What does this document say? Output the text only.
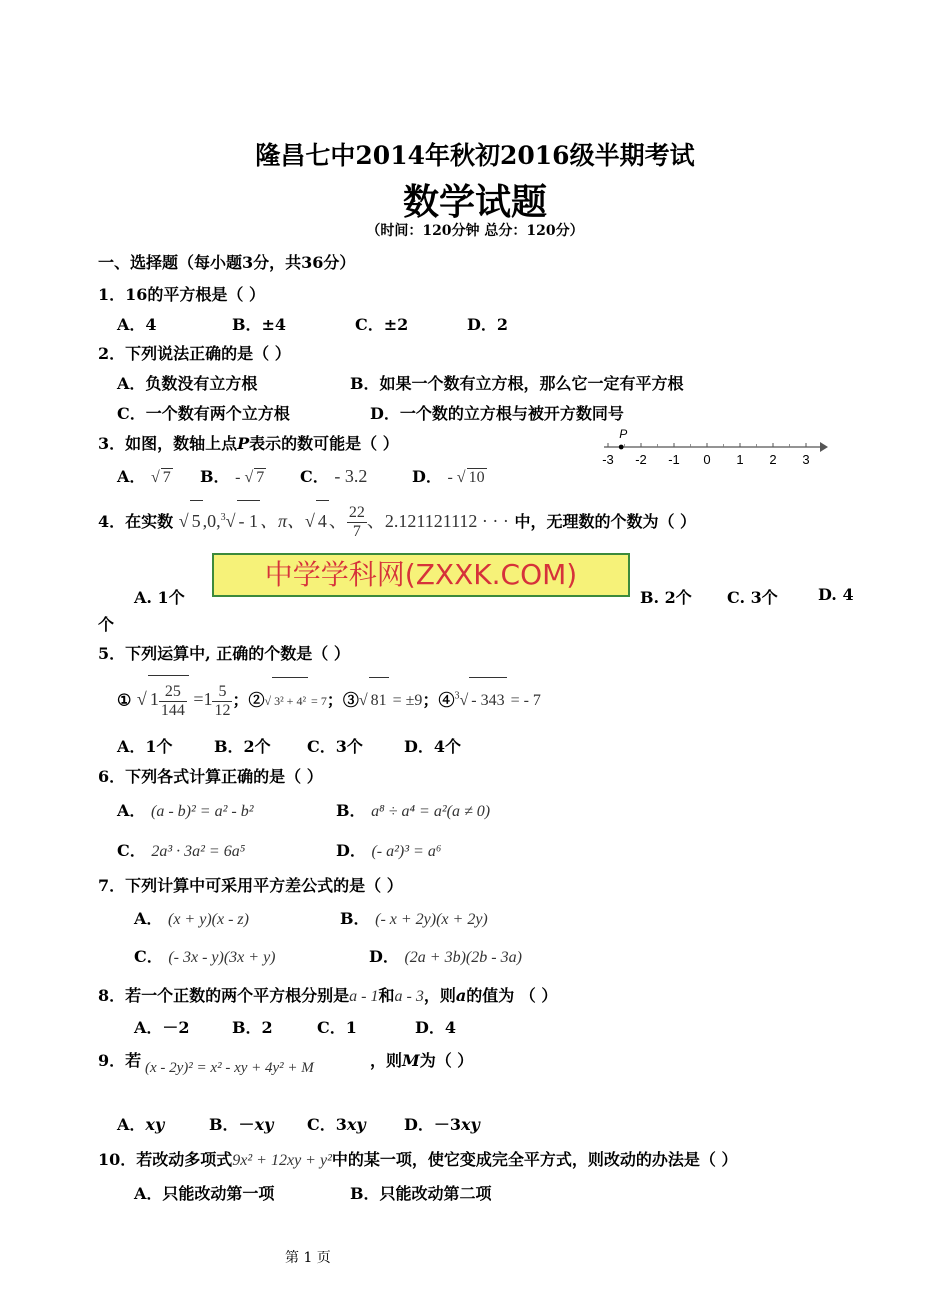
隆昌七中2014年秋初2016级半期考试
数学试题
（时间：120分钟 总分：120分）
一、选择题（每小题3分，共36分）
1．16的平方根是（ ）
A．4	B．±4	C．±2	D．2
2．下列说法正确的是（ ）
A．负数没有立方根	B．如果一个数有立方根，那么它一定有平方根
C．一个数有两个立方根	D．一个数的立方根与被开方数同号
3．如图，数轴上点P表示的数可能是（ ）
A． √ 7 B． - √ 7 C． - 3.2	D． - √ 10
-3 -2 -1 0 1 2 3
P
4．在实数 √ 5 ,0,$^3$√ - 1 、π、√ 4 、 $\frac{22}{7}$ 、2.121121112 · · · 中，无理数的个数为（ ）
A. 1个
中学学科网(ZXXK.COM)
B. 2个 C. 3个	D. 4
个
5．下列运算中, 正确的个数是（ ）
① √ $1 \frac{25}{144} =1 \frac{5}{12}$ ；②√ 3² + 4² = 7；③√ 81 = ±9；④$^3$√ - 343 = - 7
A．1个	B．2个 C．3个	D．4个
6．下列各式计算正确的是（ ）
A． (a - b)² = a² - b²	B． a⁸ ÷ a⁴ = a²(a ≠ 0)
C． 2a³ · 3a² = 6a⁵	D． (- a²)³ = a⁶
7．下列计算中可采用平方差公式的是（ ）
A． (x + y)(x - z)	B． (- x + 2y)(x + 2y)
C． (- 3x - y)(3x + y)	D． (2a + 3b)(2b - 3a)
8．若一个正数的两个平方根分别是a - 1和a - 3，则a的值为 （ ）
A．－2	B．2	C．1	D．4
9．若 (x - 2y)² = x² - xy + 4y² + M	，则M为（ ）
A．xy	B．－xy C．3xy D．－3xy
10．若改动多项式9x² + 12xy + y²中的某一项，使它变成完全平方式，则改动的办法是（ ）
A．只能改动第一项	B．只能改动第二项
第 1 页
